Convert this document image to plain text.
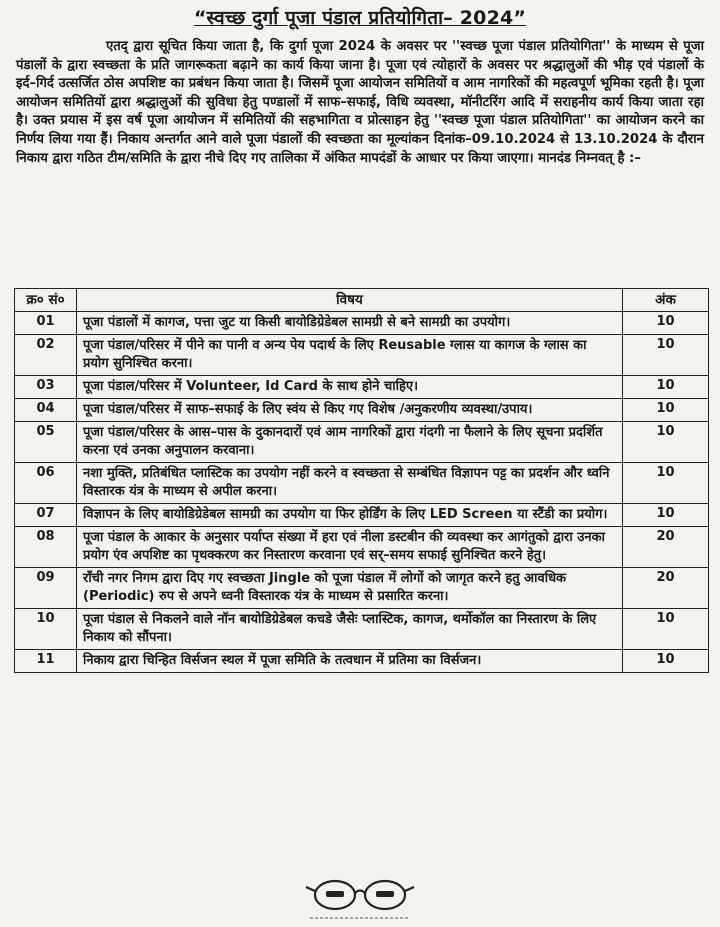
“स्वच्छ दुर्गा पूजा पंडाल प्रतियोगिता– 2024”
एतद् द्वारा सूचित किया जाता है, कि दुर्गा पूजा 2024 के अवसर पर ''स्वच्छ पूजा पंडाल प्रतियोगिता'' के माध्यम से पूजा पंडालों के द्वारा स्वच्छता के प्रति जागरूकता बढ़ाने का कार्य किया जाना है। पूजा एवं त्योहारों के अवसर पर श्रद्धालुओं की भीड़ एवं पंडालों के इर्द–गिर्द उत्सर्जित ठोस अपशिष्ट का प्रबंधन किया जाता है। जिसमें पूजा आयोजन समितियों व आम नागरिकों की महत्वपूर्ण भूमिका रहती है। पूजा आयोजन समितियों द्वारा श्रद्धालुओं की सुविधा हेतु पण्डालों में साफ–सफाई, विधि व्यवस्था, मॉनीटरिंग आदि में सराहनीय कार्य किया जाता रहा है। उक्त प्रयास में इस वर्ष पूजा आयोजन में समितियों की सहभागिता व प्रोत्साहन हेतु ''स्वच्छ पूजा पंडाल प्रतियोगिता'' का आयोजन करने का निर्णय लिया गया हैं। निकाय अन्तर्गत आने वाले पूजा पंडालों की स्वच्छता का मूल्यांकन दिनांक–09.10.2024 से 13.10.2024 के दौरान निकाय द्वारा गठित टीम/समिति के द्वारा नीचे दिए गए तालिका में अंकित मापदंडों के आधार पर किया जाएगा। मानदंड निम्नवत् है :–
क्र० सं०	विषय	अंक
01	पूजा पंडालों में कागज, पत्ता जुट या किसी बायोडिग्रेडेबल सामग्री से बने सामग्री का उपयोग।	10
02	पूजा पंडाल/परिसर में पीने का पानी व अन्य पेय पदार्थ के लिए Reusable ग्लास या कागज के ग्लास का प्रयोग सुनिश्चित करना।	10
03	पूजा पंडाल/परिसर में Volunteer, Id Card के साथ होने चाहिए।	10
04	पूजा पंडाल/परिसर में साफ–सफाई के लिए स्वंय से किए गए विशेष /अनुकरणीय व्यवस्था/उपाय।	10
05	पूजा पंडाल/परिसर के आस–पास के दुकानदारों एवं आम नागरिकों द्वारा गंदगी ना फैलाने के लिए सूचना प्रदर्शित करना एवं उनका अनुपालन करवाना।	10
06	नशा मुक्ति, प्रतिबंधित प्लास्टिक का उपयोग नहीं करने व स्वच्छता से सम्बंधित विज्ञापन पट्ट का प्रदर्शन और ध्वनि विस्तारक यंत्र के माध्यम से अपील करना।	10
07	विज्ञापन के लिए बायोडिग्रेडेबल सामग्री का उपयोग या फिर होर्डिंग के लिए LED Screen या स्टैंडी का प्रयोग।	10
08	पूजा पंडाल के आकार के अनुसार पर्याप्त संख्या में हरा एवं नीला डस्टबीन की व्यवस्था कर आगंतुको द्वारा उनका प्रयोग एंव अपशिष्ट का पृथक्करण कर निस्तारण करवाना एवं सर्–समय सफाई सुनिश्चित करने हेतु।	20
09	राँची नगर निगम द्वारा दिए गए स्वच्छता Jingle को पूजा पंडाल में लोगों को जागृत करने हतु आवधिक (Periodic) रुप से अपने ध्वनी विस्तारक यंत्र के माध्यम से प्रसारित करना।	20
10	पूजा पंडाल से निकलने वाले नॉन बायोडिग्रेडेबल कचडे जैसेः प्लास्टिक, कागज, थर्मोकॉल का निस्तारण के लिए निकाय को सौंपना।	10
11	निकाय द्वारा चिन्हित विर्सजन स्थल में पूजा समिति के तत्वधान में प्रतिमा का विर्सजन।	10
